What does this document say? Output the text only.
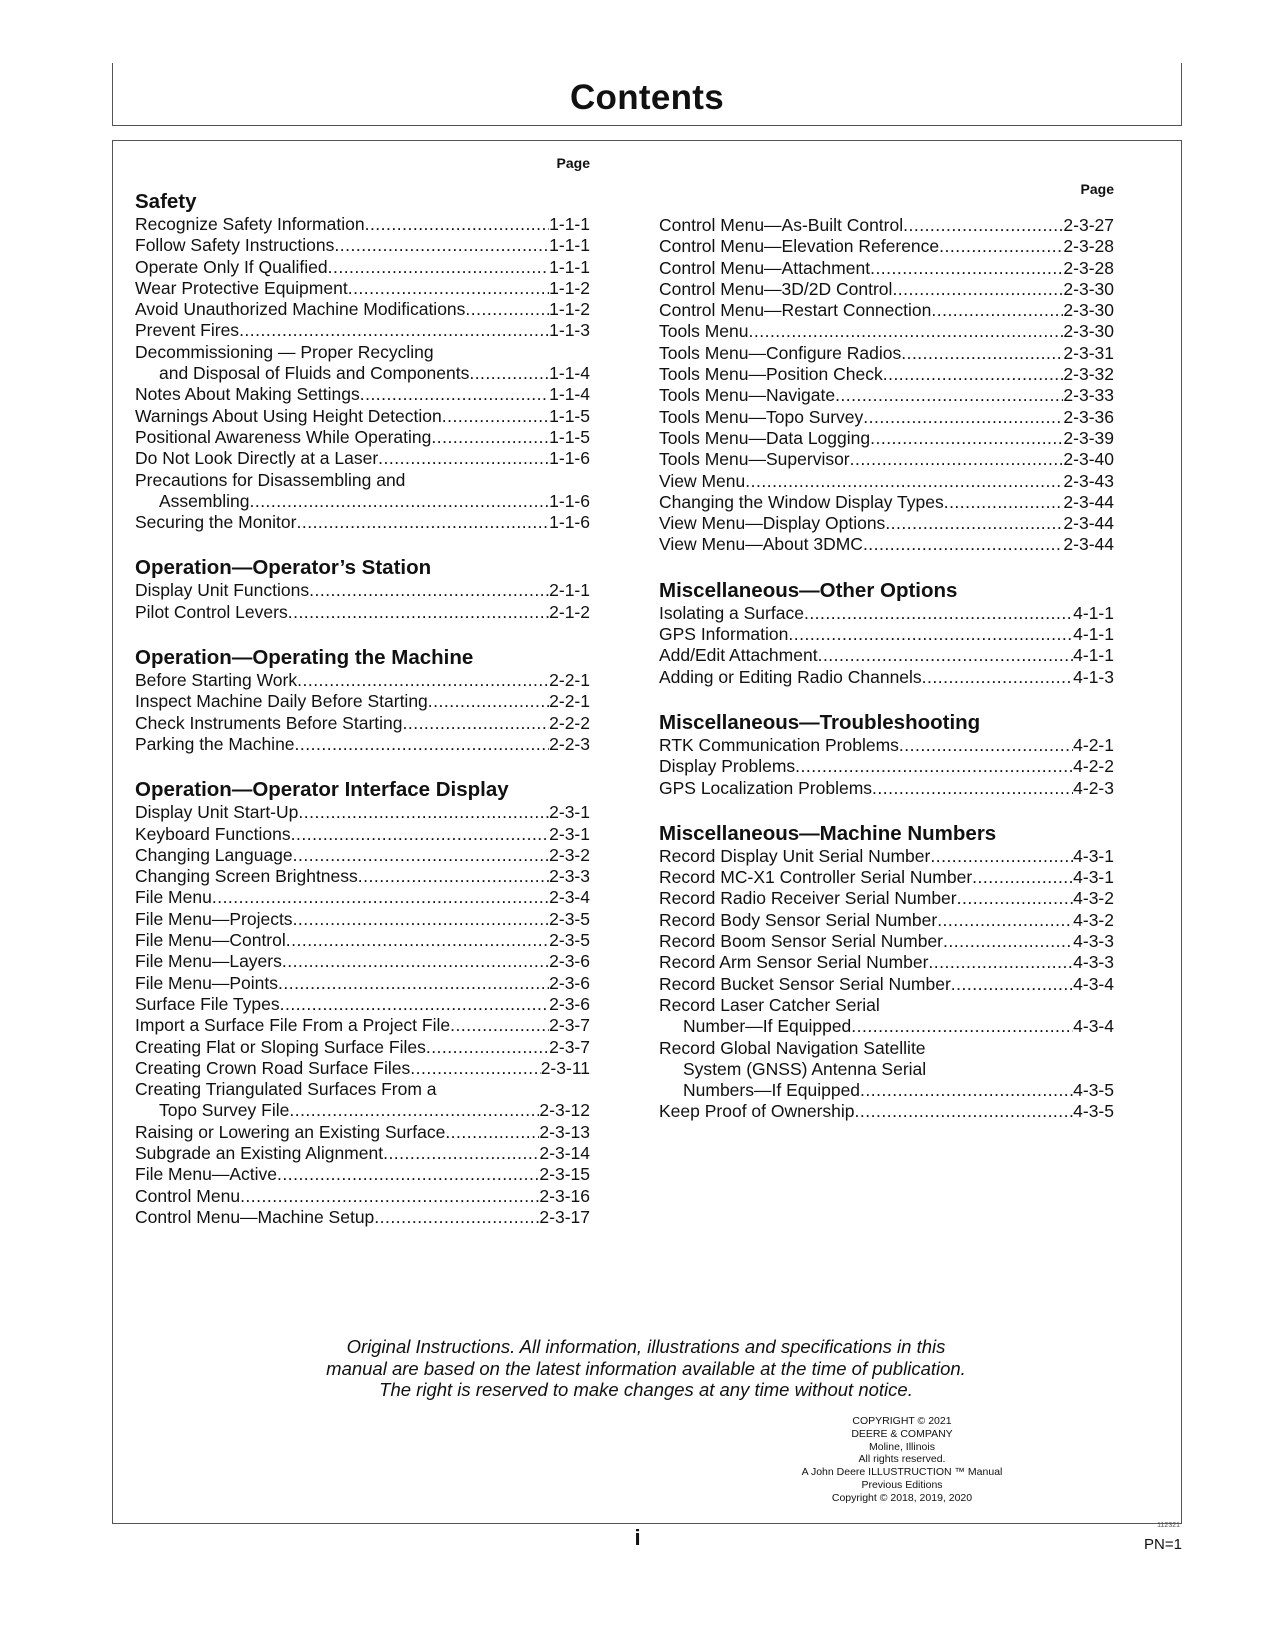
Contents
Page
Safety
Recognize Safety Information .....	1-1-1
Follow Safety Instructions .....	1-1-1
Operate Only If Qualified .....	1-1-1
Wear Protective Equipment .....	1-1-2
Avoid Unauthorized Machine Modifications .....	1-1-2
Prevent Fires .....	1-1-3
Decommissioning — Proper Recycling
and Disposal of Fluids and Components .....	1-1-4
Notes About Making Settings .....	1-1-4
Warnings About Using Height Detection .....	1-1-5
Positional Awareness While Operating .....	1-1-5
Do Not Look Directly at a Laser .....	1-1-6
Precautions for Disassembling and
Assembling .....	1-1-6
Securing the Monitor .....	1-1-6
Operation—Operator’s Station
Display Unit Functions .....	2-1-1
Pilot Control Levers .....	2-1-2
Operation—Operating the Machine
Before Starting Work .....	2-2-1
Inspect Machine Daily Before Starting .....	2-2-1
Check Instruments Before Starting .....	2-2-2
Parking the Machine .....	2-2-3
Operation—Operator Interface Display
Display Unit Start-Up .....	2-3-1
Keyboard Functions .....	2-3-1
Changing Language .....	2-3-2
Changing Screen Brightness .....	2-3-3
File Menu .....	2-3-4
File Menu—Projects .....	2-3-5
File Menu—Control .....	2-3-5
File Menu—Layers .....	2-3-6
File Menu—Points .....	2-3-6
Surface File Types .....	2-3-6
Import a Surface File From a Project File .....	2-3-7
Creating Flat or Sloping Surface Files .....	2-3-7
Creating Crown Road Surface Files .....	2-3-11
Creating Triangulated Surfaces From a
Topo Survey File .....	2-3-12
Raising or Lowering an Existing Surface .....	2-3-13
Subgrade an Existing Alignment .....	2-3-14
File Menu—Active .....	2-3-15
Control Menu .....	2-3-16
Control Menu—Machine Setup .....	2-3-17
Page
Control Menu—As-Built Control .....	2-3-27
Control Menu—Elevation Reference .....	2-3-28
Control Menu—Attachment .....	2-3-28
Control Menu—3D/2D Control .....	2-3-30
Control Menu—Restart Connection .....	2-3-30
Tools Menu .....	2-3-30
Tools Menu—Configure Radios .....	2-3-31
Tools Menu—Position Check .....	2-3-32
Tools Menu—Navigate .....	2-3-33
Tools Menu—Topo Survey .....	2-3-36
Tools Menu—Data Logging .....	2-3-39
Tools Menu—Supervisor .....	2-3-40
View Menu .....	2-3-43
Changing the Window Display Types .....	2-3-44
View Menu—Display Options .....	2-3-44
View Menu—About 3DMC .....	2-3-44
Miscellaneous—Other Options
Isolating a Surface .....	4-1-1
GPS Information .....	4-1-1
Add/Edit Attachment .....	4-1-1
Adding or Editing Radio Channels .....	4-1-3
Miscellaneous—Troubleshooting
RTK Communication Problems .....	4-2-1
Display Problems .....	4-2-2
GPS Localization Problems .....	4-2-3
Miscellaneous—Machine Numbers
Record Display Unit Serial Number .....	4-3-1
Record MC-X1 Controller Serial Number .....	4-3-1
Record Radio Receiver Serial Number .....	4-3-2
Record Body Sensor Serial Number .....	4-3-2
Record Boom Sensor Serial Number .....	4-3-3
Record Arm Sensor Serial Number .....	4-3-3
Record Bucket Sensor Serial Number .....	4-3-4
Record Laser Catcher Serial
Number—If Equipped .....	4-3-4
Record Global Navigation Satellite
System (GNSS) Antenna Serial
Numbers—If Equipped .....	4-3-5
Keep Proof of Ownership .....	4-3-5
Original Instructions. All information, illustrations and specifications in this
manual are based on the latest information available at the time of publication.
The right is reserved to make changes at any time without notice.
COPYRIGHT © 2021
DEERE & COMPANY
Moline, Illinois
All rights reserved.
A John Deere ILLUSTRUCTION ™ Manual
Previous Editions
Copyright © 2018, 2019, 2020
i	112321
PN=1
